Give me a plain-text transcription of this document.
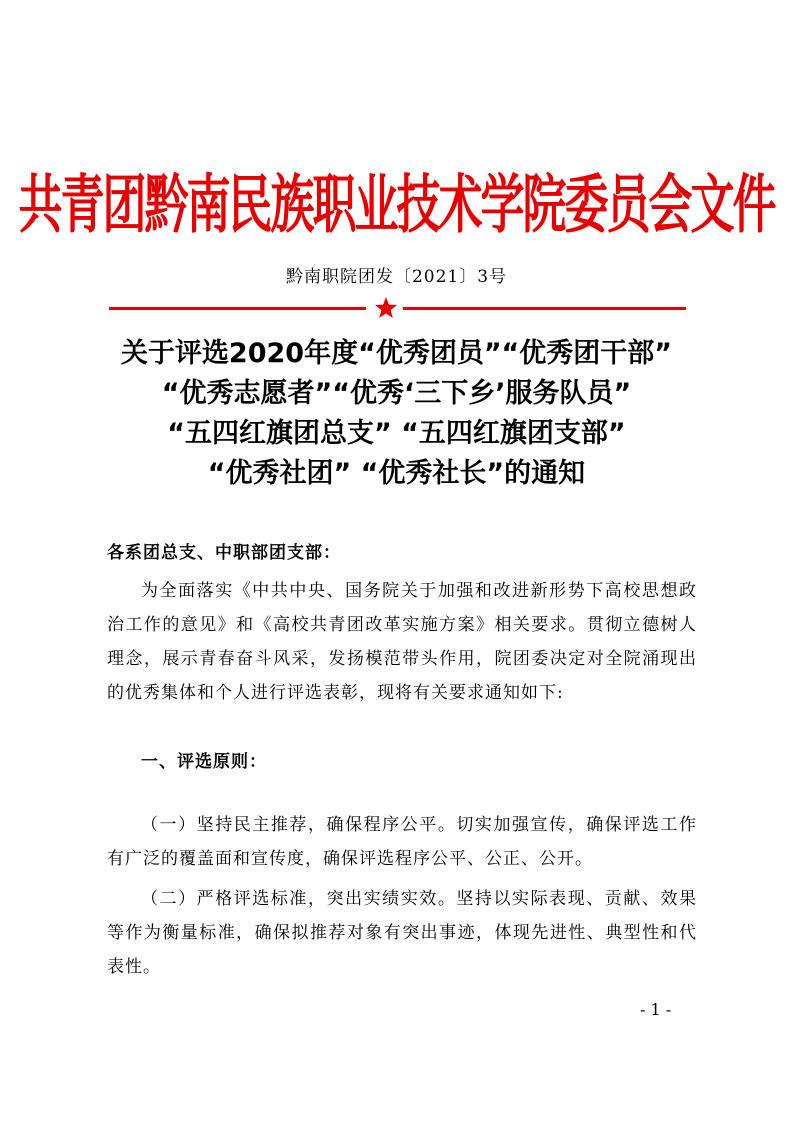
共青团黔南民族职业技术学院委员会文件
黔南职院团发〔2021〕3号
关于评选2020年度“优秀团员”“优秀团干部”
“优秀志愿者”“优秀‘三下乡’服务队员”
“五四红旗团总支” “五四红旗团支部”
“优秀社团” “优秀社长”的通知
各系团总支、中职部团支部：
为全面落实《中共中央、国务院关于加强和改进新形势下高校思想政治工作的意见》和《高校共青团改革实施方案》相关要求。贯彻立德树人理念，展示青春奋斗风采，发扬模范带头作用，院团委决定对全院涌现出的优秀集体和个人进行评选表彰，现将有关要求通知如下:
一、评选原则：
（一）坚持民主推荐，确保程序公平。切实加强宣传，确保评选工作有广泛的覆盖面和宣传度，确保评选程序公平、公正、公开。
（二）严格评选标准，突出实绩实效。坚持以实际表现、贡献、效果等作为衡量标准，确保拟推荐对象有突出事迹，体现先进性、典型性和代表性。
- 1 -
